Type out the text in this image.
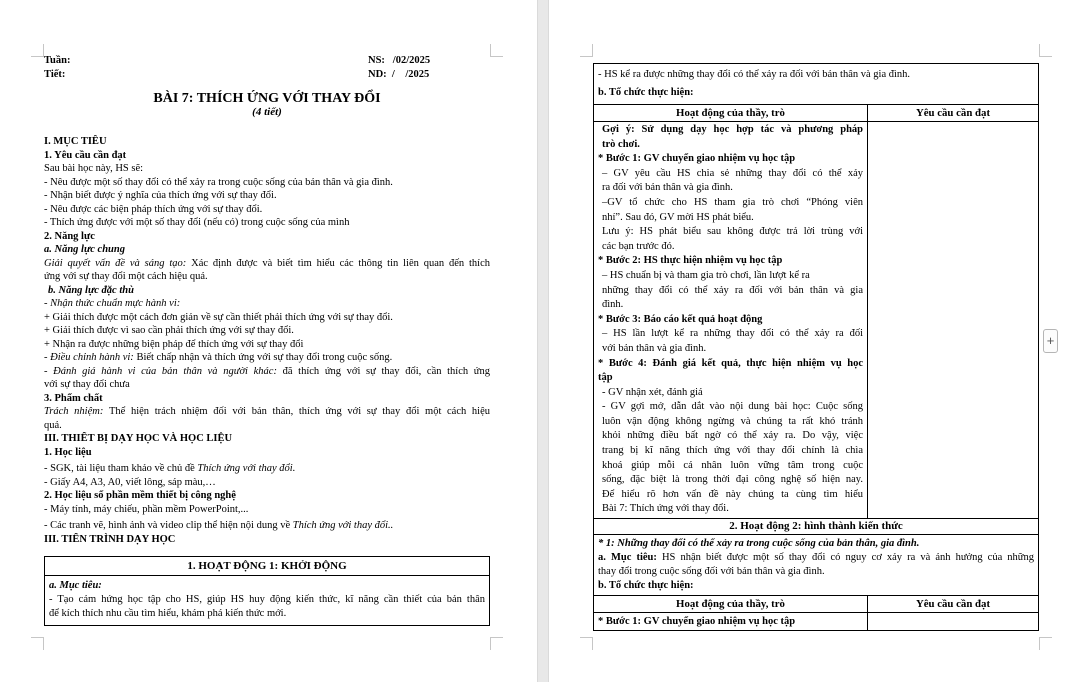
Tuần:	NS:   /02/2025
Tiết:	ND:  /    /2025
BÀI 7: THÍCH ỨNG VỚI THAY ĐỔI
(4 tiết)
I. MỤC TIÊU
1. Yêu cầu cần đạt
Sau bài học này, HS sẽ:
- Nêu được một số thay đổi có thể xảy ra trong cuộc sống của bản thân và gia đình.
- Nhận biết được ý nghĩa của thích ứng với sự thay đổi.
- Nêu được các biện pháp thích ứng với sự thay đổi.
- Thích ứng được với một số thay đổi (nếu có) trong cuộc sống của mình
2. Năng lực
a. Năng lực chung
Giải quyết vấn đề và sáng tạo: Xác định được và biết tìm hiểu các thông tin liên quan đến thích
ứng với sự thay đổi một cách hiệu quả.
b. Năng lực đặc thù
- Nhận thức chuẩn mực hành vi:
+ Giải thích được một cách đơn giản về sự cần thiết phải thích ứng với sự thay đổi.
+ Giải thích được vì sao cần phải thích ứng với sự thay đổi.
+ Nhận ra được những biện pháp để thích ứng với sự thay đổi
- Điều chỉnh hành vi: Biết chấp nhận và thích ứng với sự thay đổi trong cuộc sống.
- Đánh giá hành vi của bản thân và người khác: đã thích ứng với sự thay đổi, cần thích ứng
với sự thay đổi chưa
3. Phẩm chất
Trách nhiệm: Thể hiện trách nhiệm đối với bản thân, thích ứng với sự thay đổi một cách hiệu
quả.
III. THIẾT BỊ DẠY HỌC VÀ HỌC LIỆU
1. Học liệu
- SGK, tài liệu tham khảo về chủ đề Thích ứng với thay đổi.
- Giấy A4, A3, A0, viết lông, sáp màu,…
2. Học liệu số phần mềm thiết bị công nghệ
- Máy tính, máy chiếu, phần mềm PowerPoint,...
- Các tranh vẽ, hình ảnh và video clip thể hiện nội dung về Thích ứng với thay đổi..
III. TIẾN TRÌNH DẠY HỌC
1. HOẠT ĐỘNG 1: KHỞI ĐỘNG
a. Mục tiêu:
- Tạo cảm hứng học tập cho HS, giúp HS huy động kiến thức, kĩ năng cần thiết của bản thân
để kích thích nhu cầu tìm hiểu, khám phá kiến thức mới.
- HS kể ra được những thay đổi có thể xảy ra đối với bản thân và gia đình.
b. Tổ chức thực hiện:
Hoạt động của thầy, trò	Yêu cầu cần đạt
Gợi ý: Sử dụng dạy học hợp tác và phương pháp
trò chơi.
* Bước 1: GV chuyển giao nhiệm vụ học tập
– GV yêu cầu HS chia sẻ những thay đổi có thể xảy
ra đối với bản thân và gia đình.
–GV tổ chức cho HS tham gia trò chơi “Phóng viên
nhí”. Sau đó, GV mời HS phát biểu.
Lưu ý: HS phát biểu sau không được trả lời trùng với
các bạn trước đó.
* Bước 2: HS thực hiện nhiệm vụ học tập
– HS chuẩn bị và tham gia trò chơi, lần lượt kể ra
những thay đổi có thể xảy ra đối với bản thân và gia
đình.
* Bước 3: Báo cáo kết quả hoạt động
– HS lần lượt kể ra những thay đổi có thể xảy ra đối
với bản thân và gia đình.
* Bước 4: Đánh giá kết quả, thực hiện nhiệm vụ học
tập
- GV nhận xét, đánh giá
- GV gợi mở, dẫn dắt vào nội dung bài học: Cuộc sống
luôn vận động không ngừng và chúng ta rất khó tránh
khỏi những điều bất ngờ có thể xảy ra. Do vậy, việc
trang bị kĩ năng thích ứng với thay đổi chính là chìa
khoá giúp mỗi cá nhân luôn vững tâm trong cuộc
sống, đặc biệt là trong thời đại công nghệ số hiện nay.
Để hiểu rõ hơn vấn đề này chúng ta cùng tìm hiểu
Bài 7: Thích ứng với thay đổi.
2. Hoạt động 2: hình thành kiến thức
* 1: Những thay đổi có thể xảy ra trong cuộc sống của bản thân, gia đình.
a. Mục tiêu: HS nhận biết được một số thay đổi có nguy cơ xảy ra và ảnh hưởng của những
thay đổi trong cuộc sống đối với bản thân và gia đình.
b. Tổ chức thực hiện:
Hoạt động của thầy, trò	Yêu cầu cần đạt
* Bước 1: GV chuyển giao nhiệm vụ học tập
+
